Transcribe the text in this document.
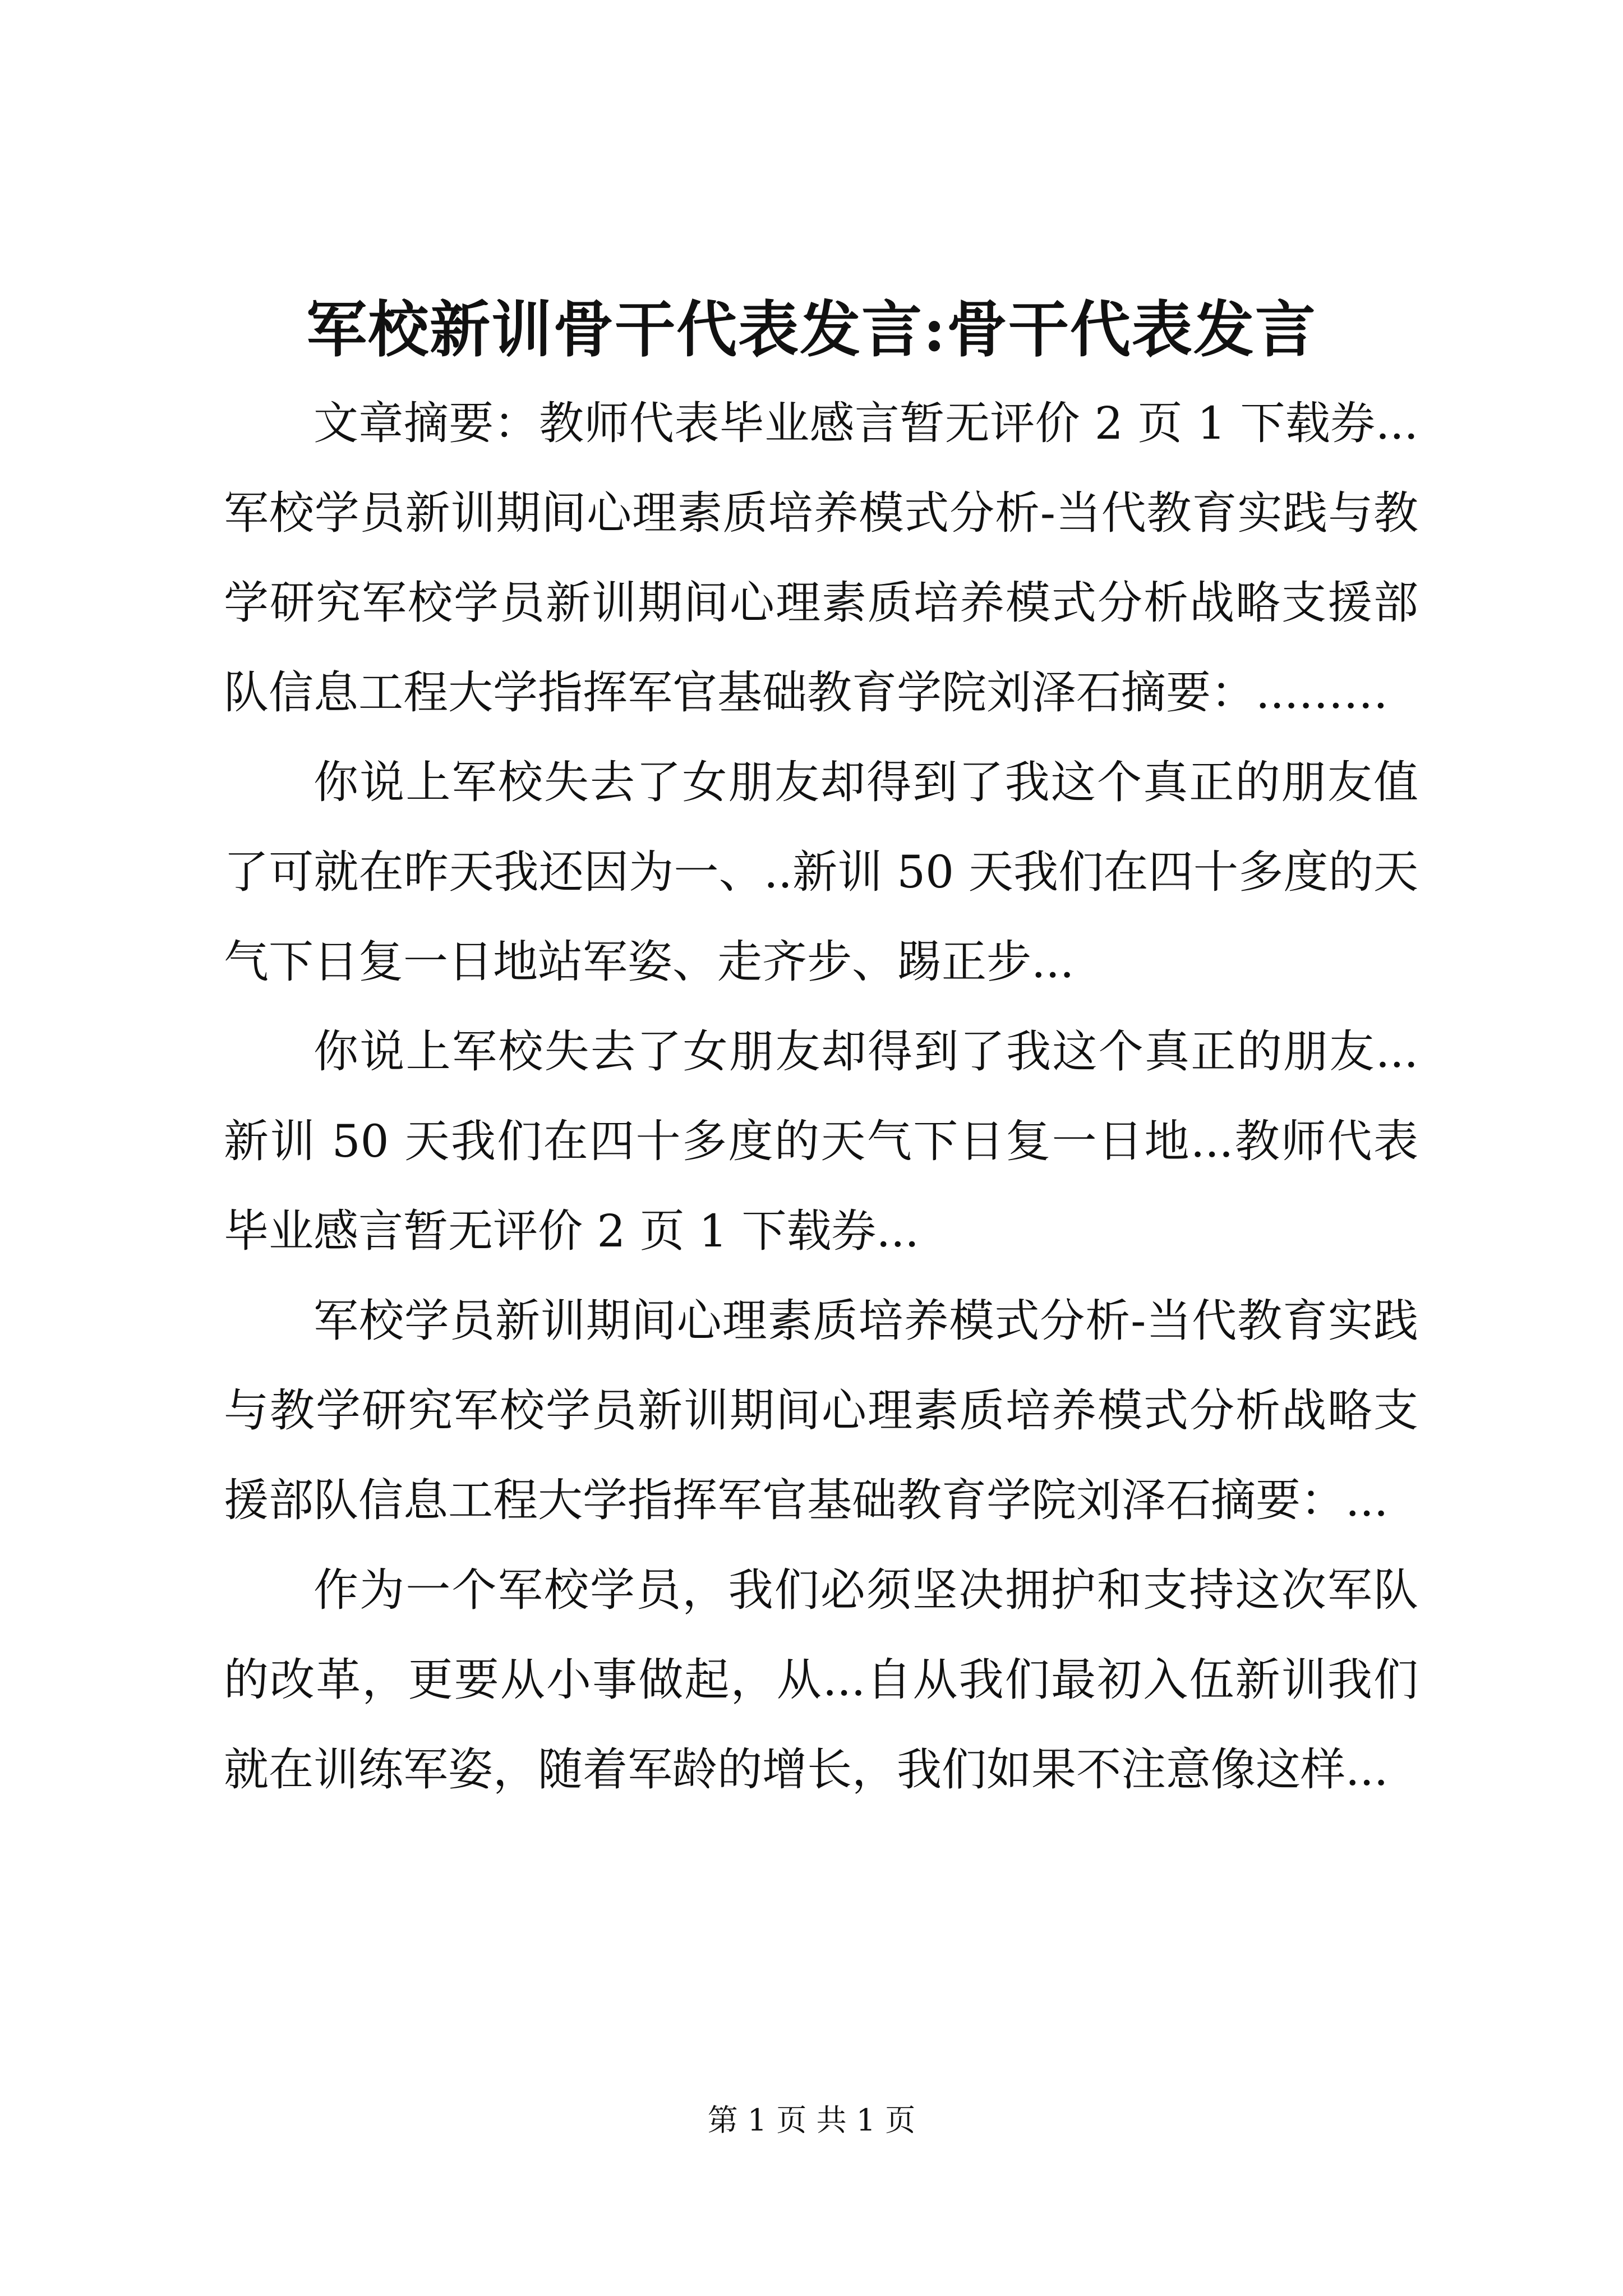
军校新训骨干代表发言:骨干代表发言

文章摘要：教师代表毕业感言暂无评价 2 页 1 下载券...军校学员新训期间心理素质培养模式分析-当代教育实践与教学研究军校学员新训期间心理素质培养模式分析战略支援部队信息工程大学指挥军官基础教育学院刘泽石摘要：...……

你说上军校失去了女朋友却得到了我这个真正的朋友值了可就在昨天我还因为一、..新训 50 天我们在四十多度的天气下日复一日地站军姿、走齐步、踢正步...

你说上军校失去了女朋友却得到了我这个真正的朋友...新训 50 天我们在四十多度的天气下日复一日地...教师代表毕业感言暂无评价 2 页 1 下载券...

军校学员新训期间心理素质培养模式分析-当代教育实践与教学研究军校学员新训期间心理素质培养模式分析战略支援部队信息工程大学指挥军官基础教育学院刘泽石摘要：...

作为一个军校学员，我们必须坚决拥护和支持这次军队的改革，更要从小事做起，从...自从我们最初入伍新训我们就在训练军姿，随着军龄的增长，我们如果不注意像这样...

第 1 页 共 1 页
